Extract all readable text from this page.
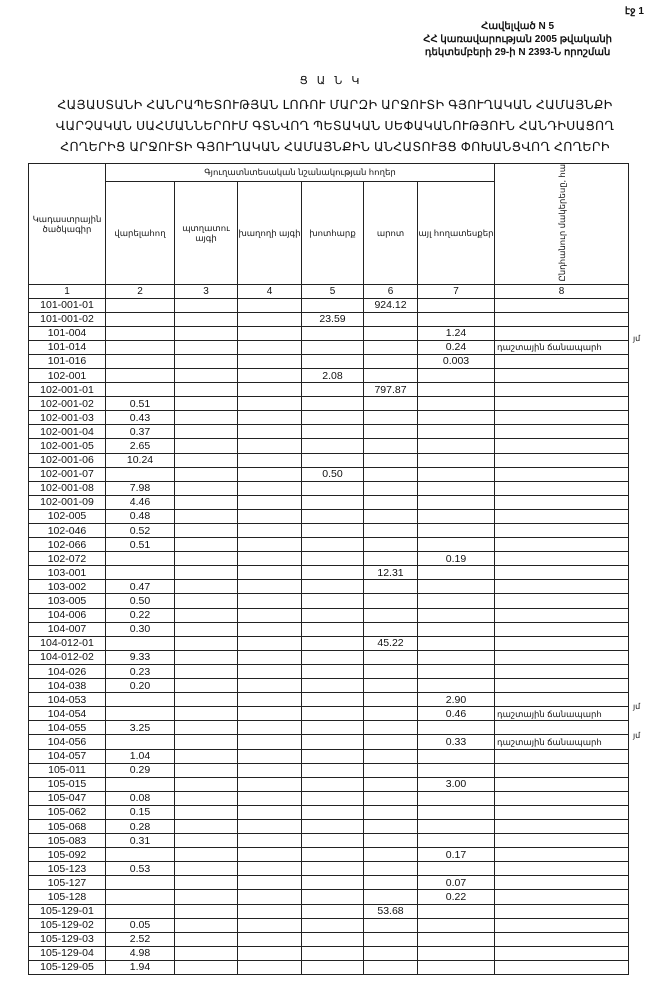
էջ 1
Հավելված N 5
ՀՀ կառավարության 2005 թվականի
դեկտեմբերի 29-ի N 2393-Ն որոշման
Ց Ա Ն Կ
ՀԱՅԱՍՏԱՆԻ ՀԱՆՐԱՊԵՏՈՒԹՅԱՆ ԼՈՌՈՒ ՄԱՐԶԻ ԱՐՋՈՒՏԻ ԳՅՈՒՂԱԿԱՆ ՀԱՄԱՅՆՔԻ ՎԱՐՉԱԿԱՆ ՍԱՀՄԱՆՆԵՐՈՒՄ ԳՏՆՎՈՂ ՊԵՏԱԿԱՆ ՍԵՓԱԿԱՆՈՒԹՅՈՒՆ ՀԱՆԴԻՍԱՑՈՂ ՀՈՂԵՐԻՑ ԱՐՋՈՒՏԻ ԳՅՈՒՂԱԿԱՆ ՀԱՄԱՅՆՔԻՆ ԱՆՀԱՏՈՒՅՑ ՓՈԽԱՆՑՎՈՂ ՀՈՂԵՐԻ
Կադաստրային ծածկագիր	Գյուղատնտեսական նշանակության հողեր						Ընդհանուր մակերեսը, հա
	վարելահող	պտղատու այգի	խաղողի այգի	խոտհարք	արոտ	այլ հողատեսքեր	
1	2	3	4	5	6	7	8
101-001-01					924.12		
101-001-02				23.59			
101-004						1.24	
101-014						0.24	դաշտային ճանապարհ
101-016						0.003	
102-001				2.08			
102-001-01					797.87		
102-001-02	0.51						
102-001-03	0.43						
102-001-04	0.37						
102-001-05	2.65						
102-001-06	10.24						
102-001-07				0.50			
102-001-08	7.98						
102-001-09	4.46						
102-005	0.48						
102-046	0.52						
102-066	0.51						
102-072						0.19	
103-001					12.31		
103-002	0.47						
103-005	0.50						
104-006	0.22						
104-007	0.30						
104-012-01					45.22		
104-012-02	9.33						
104-026	0.23						
104-038	0.20						
104-053						2.90	
104-054						0.46	դաշտային ճանապարհ
104-055	3.25						
104-056						0.33	դաշտային ճանապարհ
104-057	1.04						
105-011	0.29						
105-015						3.00	
105-047	0.08						
105-062	0.15						
105-068	0.28						
105-083	0.31						
105-092						0.17	
105-123	0.53						
105-127						0.07	
105-128						0.22	
105-129-01					53.68		
105-129-02	0.05						
105-129-03	2.52						
105-129-04	4.98						
105-129-05	1.94						
յմ
յմ
յմ
